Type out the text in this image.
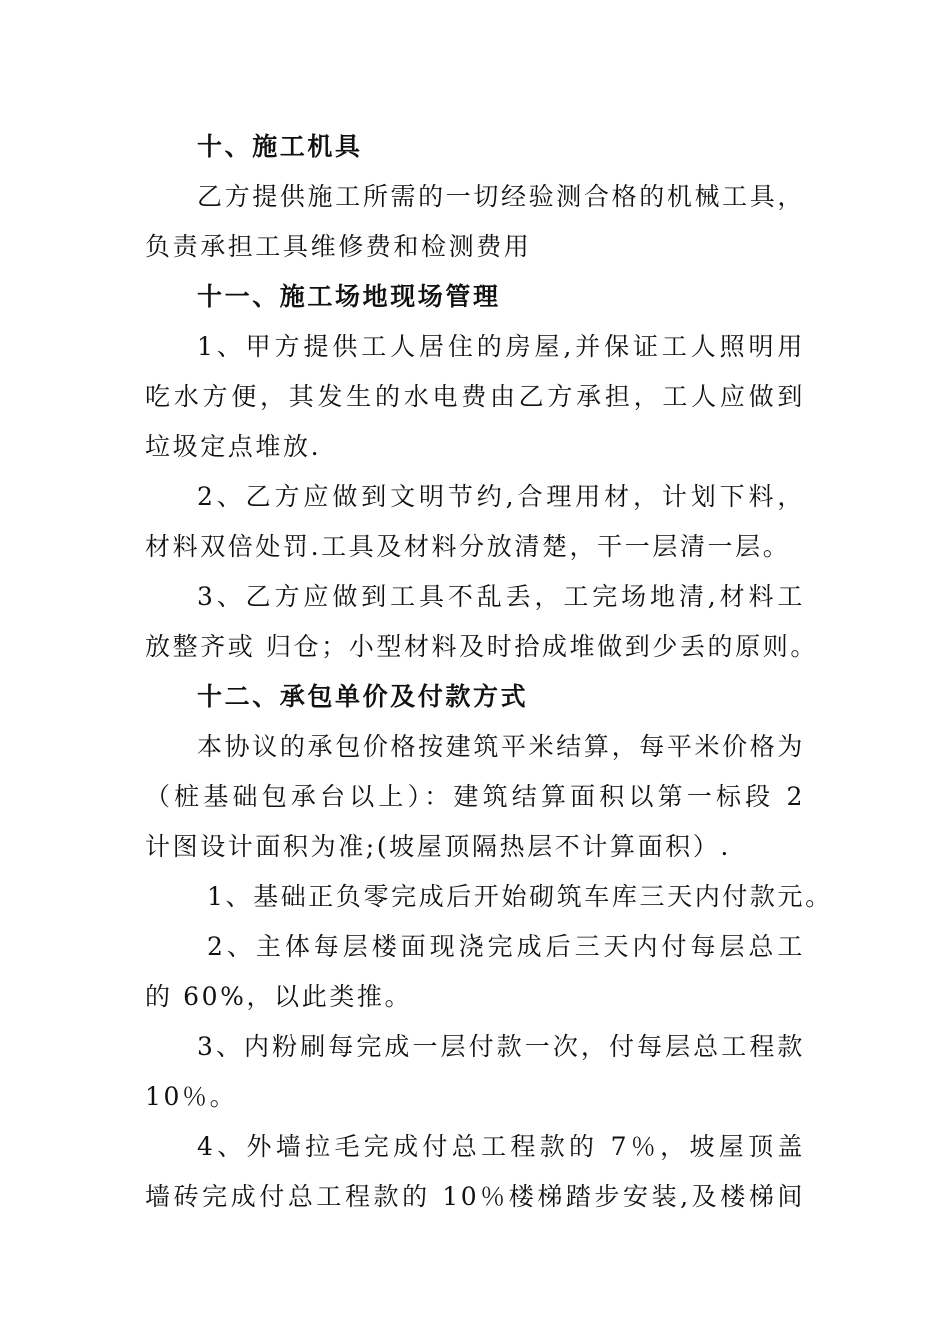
十、施工机具
乙方提供施工所需的一切经验测合格的机械工具，
负责承担工具维修费和检测费用
十一、施工场地现场管理
1、甲方提供工人居住的房屋,并保证工人照明用
吃水方便，其发生的水电费由乙方承担，工人应做到
垃圾定点堆放.
2、乙方应做到文明节约,合理用材，计划下料，
材料双倍处罚.工具及材料分放清楚，干一层清一层。
3、乙方应做到工具不乱丢，工完场地清,材料工
放整齐或 归仓；小型材料及时拾成堆做到少丢的原则。
十二、承包单价及付款方式
本协议的承包价格按建筑平米结算，每平米价格为
（桩基础包承台以上）：建筑结算面积以第一标段 2
计图设计面积为准;(坡屋顶隔热层不计算面积）.
1、基础正负零完成后开始砌筑车库三天内付款元。
2、主体每层楼面现浇完成后三天内付每层总工
的 60%，以此类推。
3、内粉刷每完成一层付款一次，付每层总工程款
10％。
4、外墙拉毛完成付总工程款的 7％，坡屋顶盖
墙砖完成付总工程款的 10％楼梯踏步安装,及楼梯间
